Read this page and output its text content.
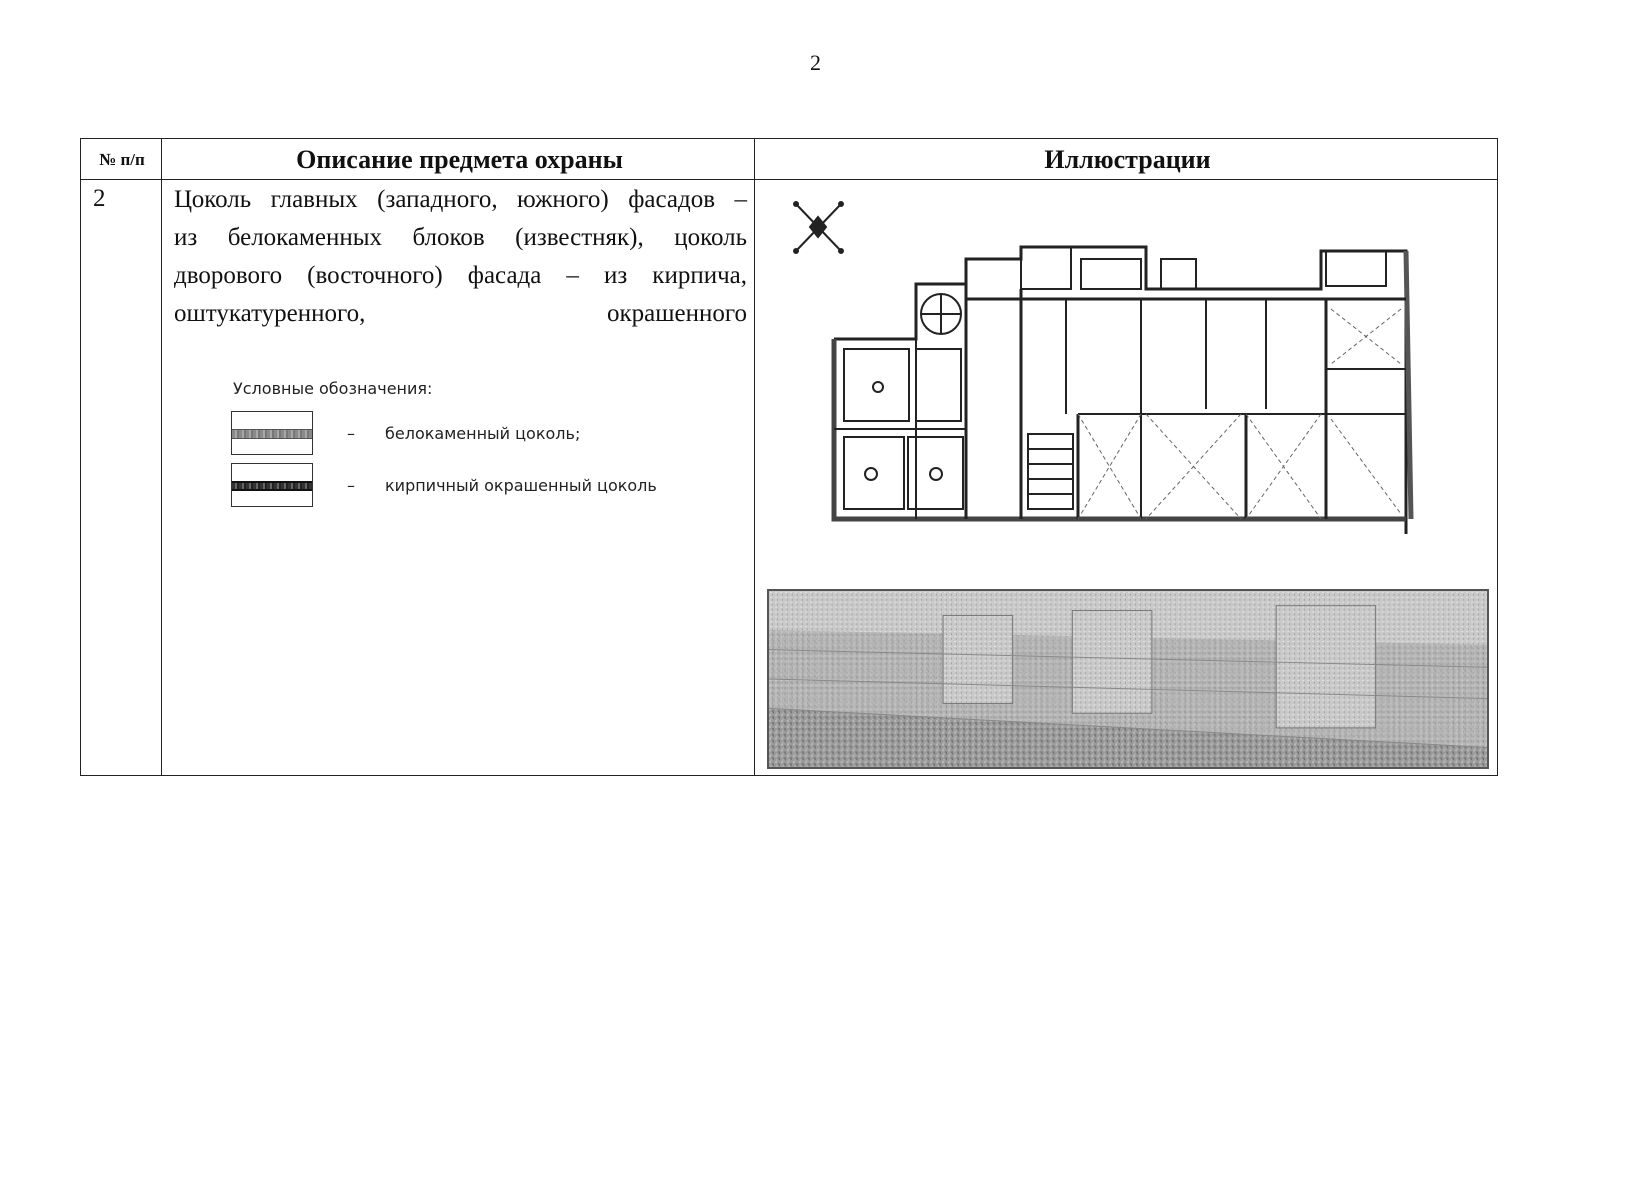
2
№ п/п	Описание предмета охраны	Иллюстрации
2	Цоколь главных (западного, южного) фасадов –
из белокаменных блоков (известняк), цоколь
дворового (восточного) фасада – из кирпича,
оштукатуренного, окрашенного
Условные обозначения:
–	белокаменный цоколь;
–	кирпичный окрашенный цоколь
